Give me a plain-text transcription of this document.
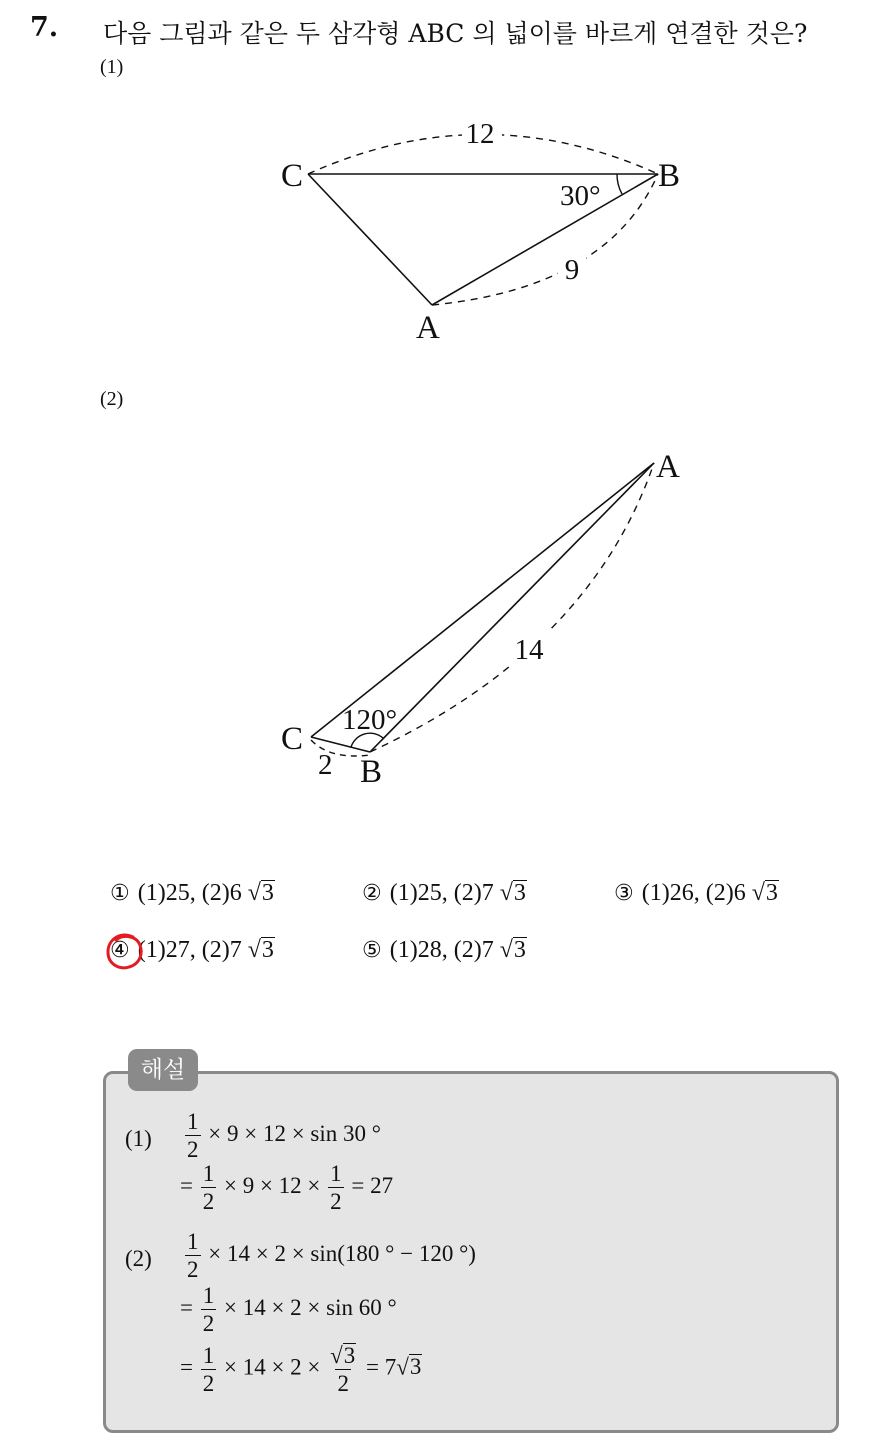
7. 다음 그림과 같은 두 삼각형 ABC 의 넓이를 바르게 연결한 것은?
(1)
12
9
30°
C	B
A
(2)
14
120°
2
C
B
A
① (1)25, (2)6 √3	② (1)25, (2)7 √3	③ (1)26, (2)6 √3
④ (1)27, (2)7 √3	⑤ (1)28, (2)7 √3
해설
$(1) \frac{1}{2} \times 9 \times 12 \times \sin 30$ °
= $\frac{1}{2} \times 9 \times 12 \times \frac{1}{2} = 27$
$(2) \frac{1}{2} \times 14 \times 2 \times \sin(180$ ° − 120 °)
= $\frac{1}{2} \times 14 \times 2 \times \sin 60$ °
= $\frac{1}{2} \times 14 \times 2 \times \frac{√3}{2} = 7√3$
